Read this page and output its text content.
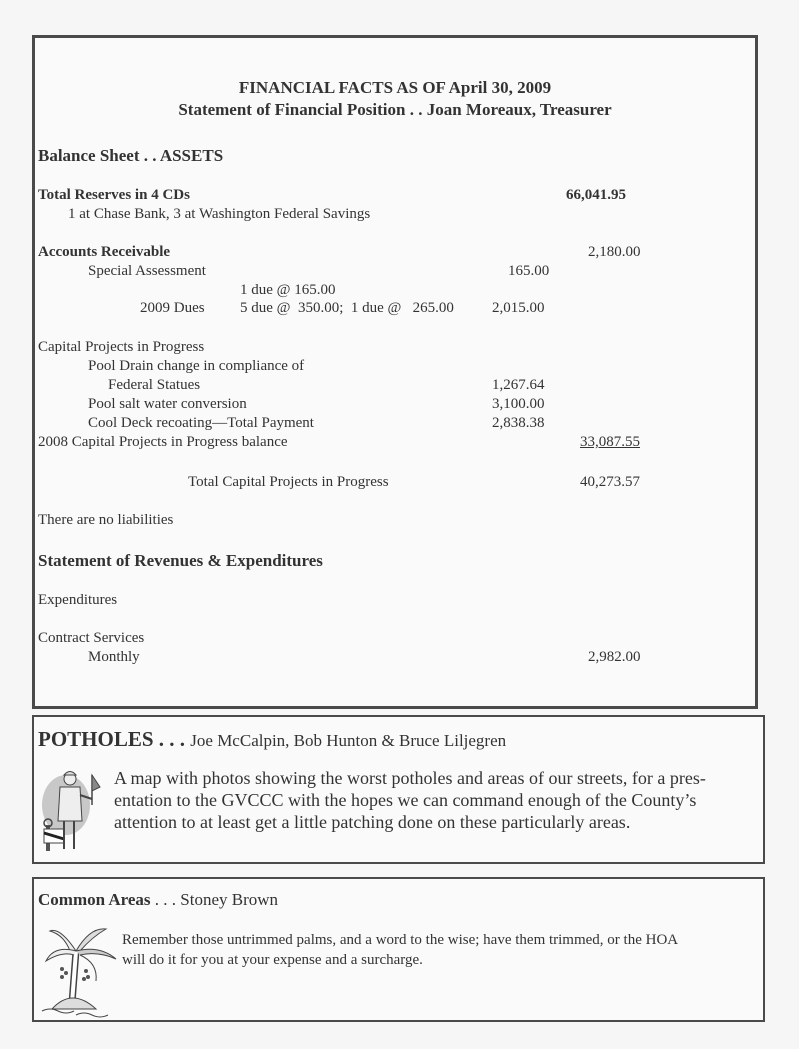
FINANCIAL FACTS AS OF April 30, 2009
Statement of Financial Position . . Joan Moreaux, Treasurer
Balance Sheet . . ASSETS
Total Reserves in 4 CDs	66,041.95
1 at Chase Bank, 3 at Washington Federal Savings
Accounts Receivable	2,180.00
Special Assessment	165.00
1 due @ 165.00
2009 Dues 5 due @  350.00;  1 due @   265.00	2,015.00
Capital Projects in Progress
Pool Drain change in compliance of
Federal Statues	1,267.64
Pool salt water conversion	3,100.00
Cool Deck recoating—Total Payment	2,838.38
2008 Capital Projects in Progress balance	33,087.55
Total Capital Projects in Progress	40,273.57
There are no liabilities
Statement of Revenues & Expenditures
Expenditures
Contract Services
Monthly	2,982.00
POTHOLES . . . Joe McCalpin, Bob Hunton & Bruce Liljegren
A map with photos showing the worst potholes and areas of our streets, for a pres-
entation to the GVCCC with the hopes we can command enough of the County’s
attention to at least get a little patching done on these particularly areas.
Common Areas . . . Stoney Brown
Remember those untrimmed palms, and a word to the wise; have them trimmed, or the HOA
will do it for you at your expense and a surcharge.
